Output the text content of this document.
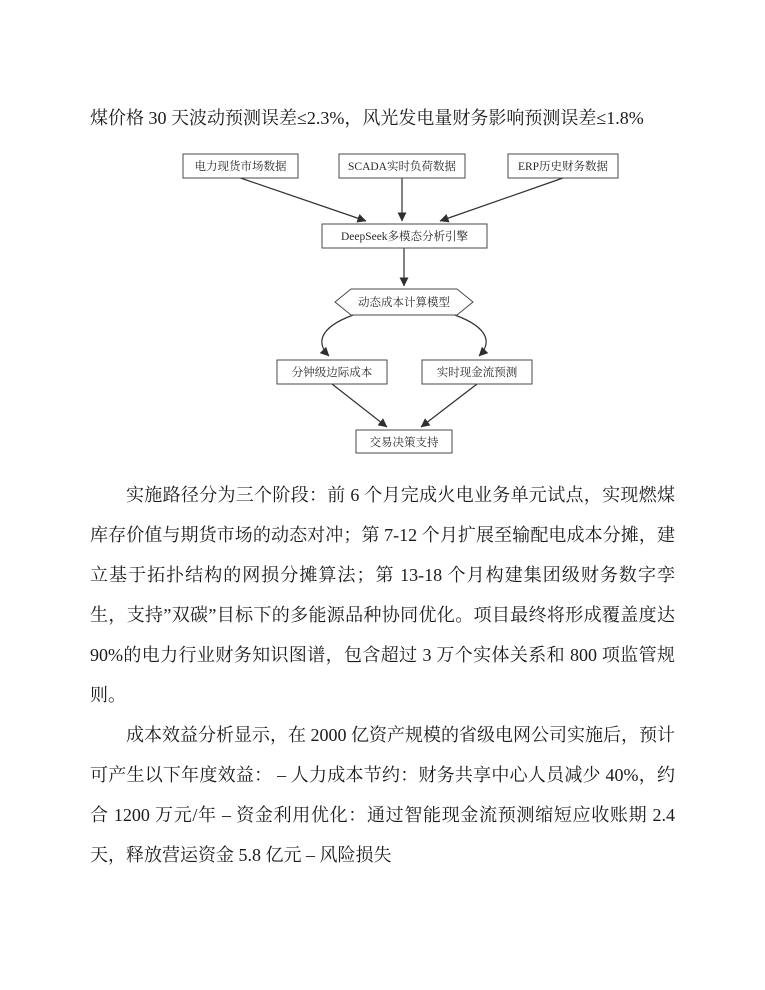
煤价格 30 天波动预测误差≤2.3%，风光发电量财务影响预测误差≤1.8%

电力现货市场数据	SCADA实时负荷数据	ERP历史财务数据
DeepSeek多模态分析引擎
动态成本计算模型
分钟级边际成本	实时现金流预测
交易决策支持

实施路径分为三个阶段：前 6 个月完成火电业务单元试点，实现燃煤库存价值与期货市场的动态对冲；第 7-12 个月扩展至输配电成本分摊，建立基于拓扑结构的网损分摊算法；第 13-18 个月构建集团级财务数字孪生，支持”双碳”目标下的多能源品种协同优化。项目最终将形成覆盖度达 90%的电力行业财务知识图谱，包含超过 3 万个实体关系和 800 项监管规则。

成本效益分析显示，在 2000 亿资产规模的省级电网公司实施后，预计可产生以下年度效益： – 人力成本节约：财务共享中心人员减少 40%，约合 1200 万元/年 – 资金利用优化：通过智能现金流预测缩短应收账期 2.4 天，释放营运资金 5.8 亿元 – 风险损失
